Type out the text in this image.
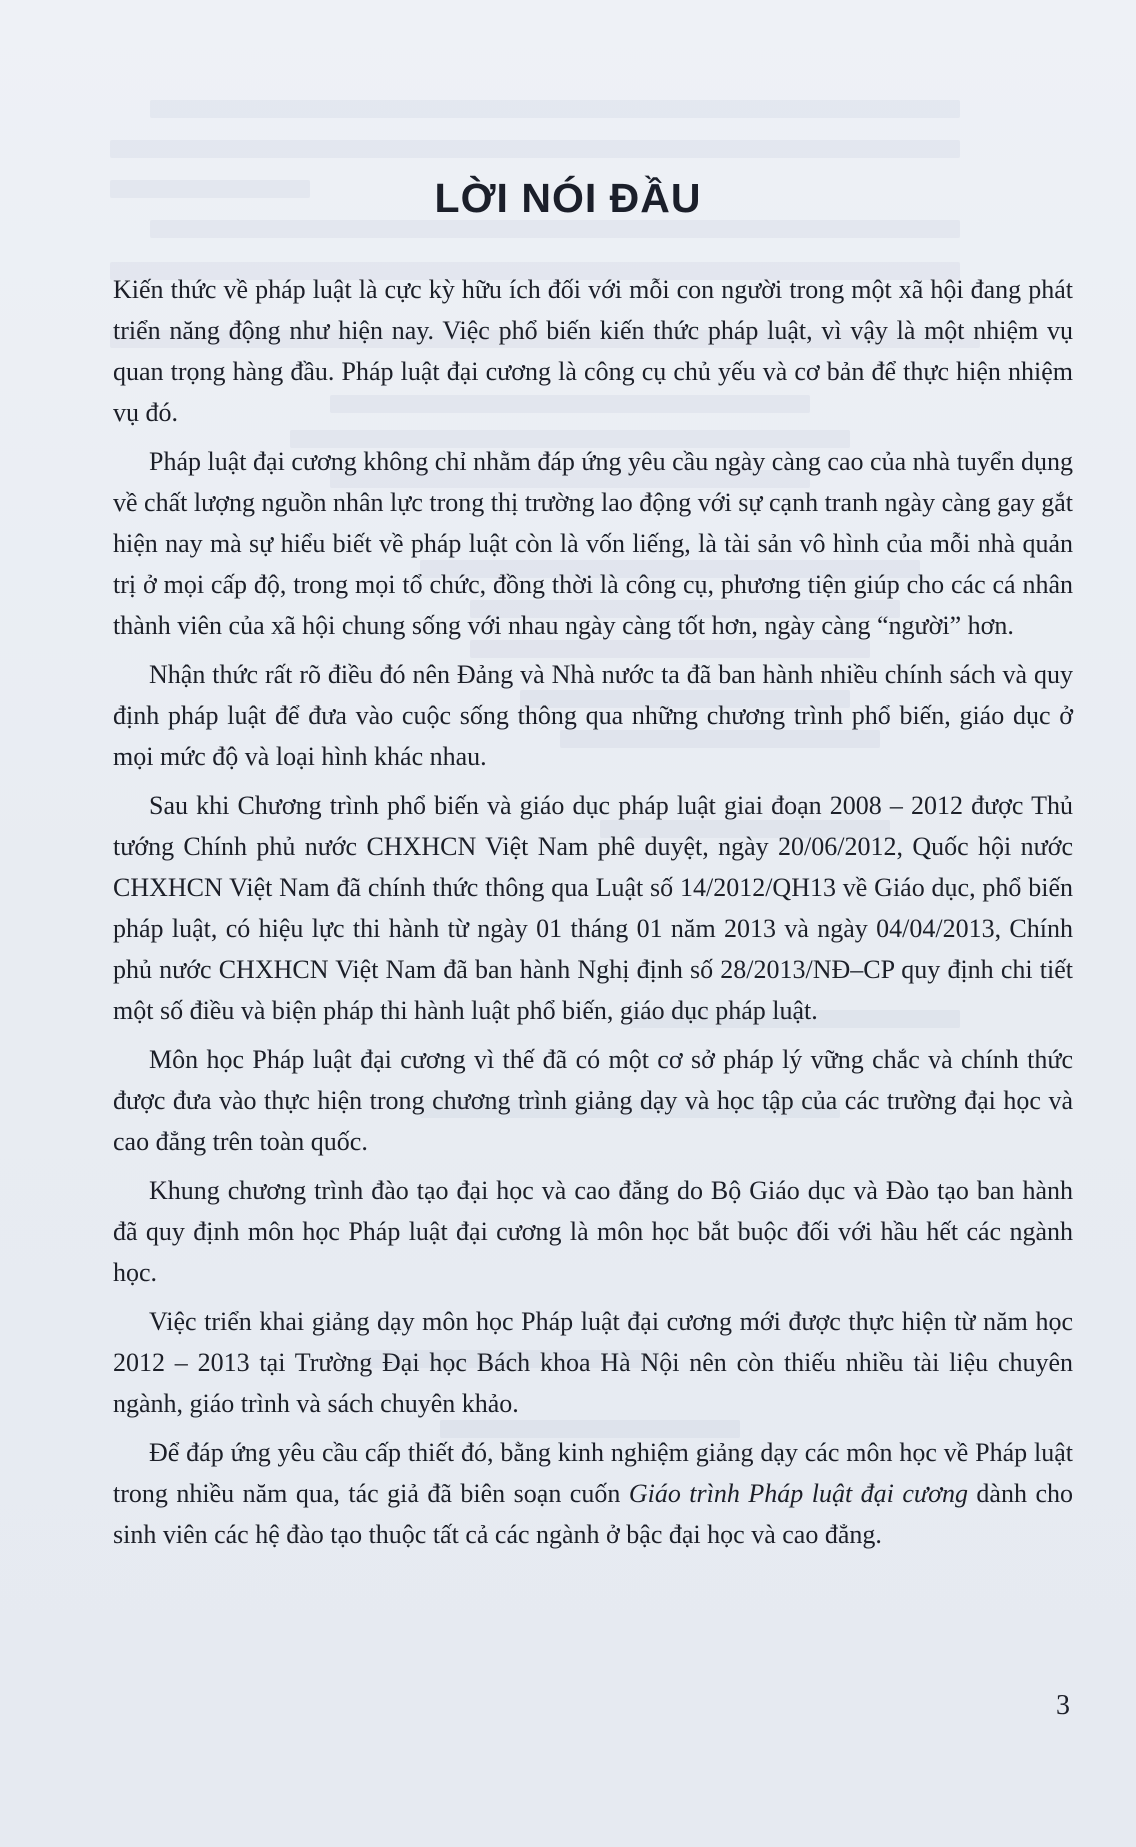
LỜI NÓI ĐẦU

Kiến thức về pháp luật là cực kỳ hữu ích đối với mỗi con người trong một xã hội đang phát triển năng động như hiện nay. Việc phổ biến kiến thức pháp luật, vì vậy là một nhiệm vụ quan trọng hàng đầu. Pháp luật đại cương là công cụ chủ yếu và cơ bản để thực hiện nhiệm vụ đó.

Pháp luật đại cương không chỉ nhằm đáp ứng yêu cầu ngày càng cao của nhà tuyển dụng về chất lượng nguồn nhân lực trong thị trường lao động với sự cạnh tranh ngày càng gay gắt hiện nay mà sự hiểu biết về pháp luật còn là vốn liếng, là tài sản vô hình của mỗi nhà quản trị ở mọi cấp độ, trong mọi tổ chức, đồng thời là công cụ, phương tiện giúp cho các cá nhân thành viên của xã hội chung sống với nhau ngày càng tốt hơn, ngày càng “người” hơn.

Nhận thức rất rõ điều đó nên Đảng và Nhà nước ta đã ban hành nhiều chính sách và quy định pháp luật để đưa vào cuộc sống thông qua những chương trình phổ biến, giáo dục ở mọi mức độ và loại hình khác nhau.

Sau khi Chương trình phổ biến và giáo dục pháp luật giai đoạn 2008 – 2012 được Thủ tướng Chính phủ nước CHXHCN Việt Nam phê duyệt, ngày 20/06/2012, Quốc hội nước CHXHCN Việt Nam đã chính thức thông qua Luật số 14/2012/QH13 về Giáo dục, phổ biến pháp luật, có hiệu lực thi hành từ ngày 01 tháng 01 năm 2013 và ngày 04/04/2013, Chính phủ nước CHXHCN Việt Nam đã ban hành Nghị định số 28/2013/NĐ–CP quy định chi tiết một số điều và biện pháp thi hành luật phổ biến, giáo dục pháp luật.

Môn học Pháp luật đại cương vì thế đã có một cơ sở pháp lý vững chắc và chính thức được đưa vào thực hiện trong chương trình giảng dạy và học tập của các trường đại học và cao đẳng trên toàn quốc.

Khung chương trình đào tạo đại học và cao đẳng do Bộ Giáo dục và Đào tạo ban hành đã quy định môn học Pháp luật đại cương là môn học bắt buộc đối với hầu hết các ngành học.

Việc triển khai giảng dạy môn học Pháp luật đại cương mới được thực hiện từ năm học 2012 – 2013 tại Trường Đại học Bách khoa Hà Nội nên còn thiếu nhiều tài liệu chuyên ngành, giáo trình và sách chuyên khảo.

Để đáp ứng yêu cầu cấp thiết đó, bằng kinh nghiệm giảng dạy các môn học về Pháp luật trong nhiều năm qua, tác giả đã biên soạn cuốn Giáo trình Pháp luật đại cương dành cho sinh viên các hệ đào tạo thuộc tất cả các ngành ở bậc đại học và cao đẳng.

3
